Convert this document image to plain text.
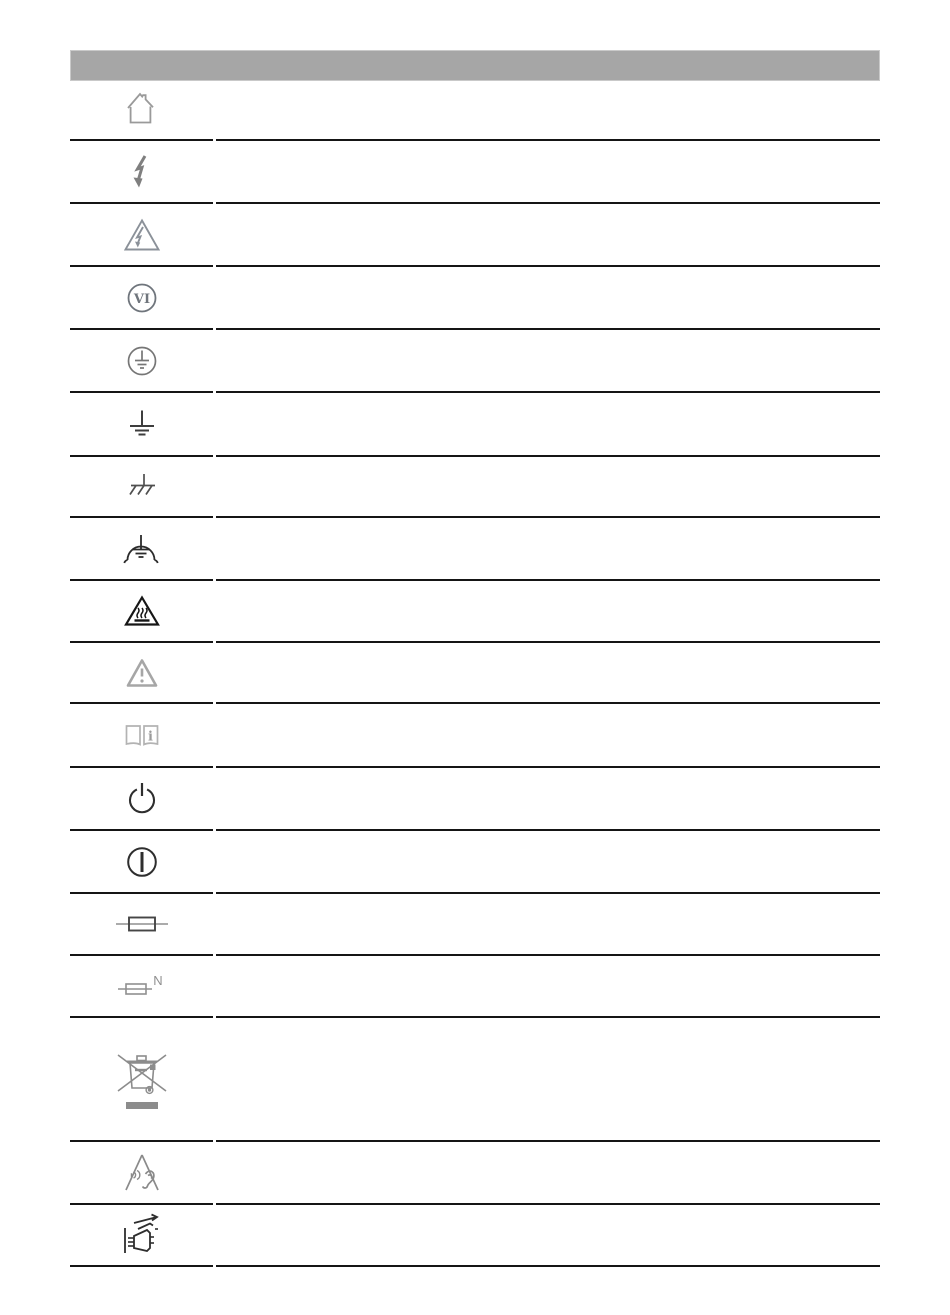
VI
i
N
